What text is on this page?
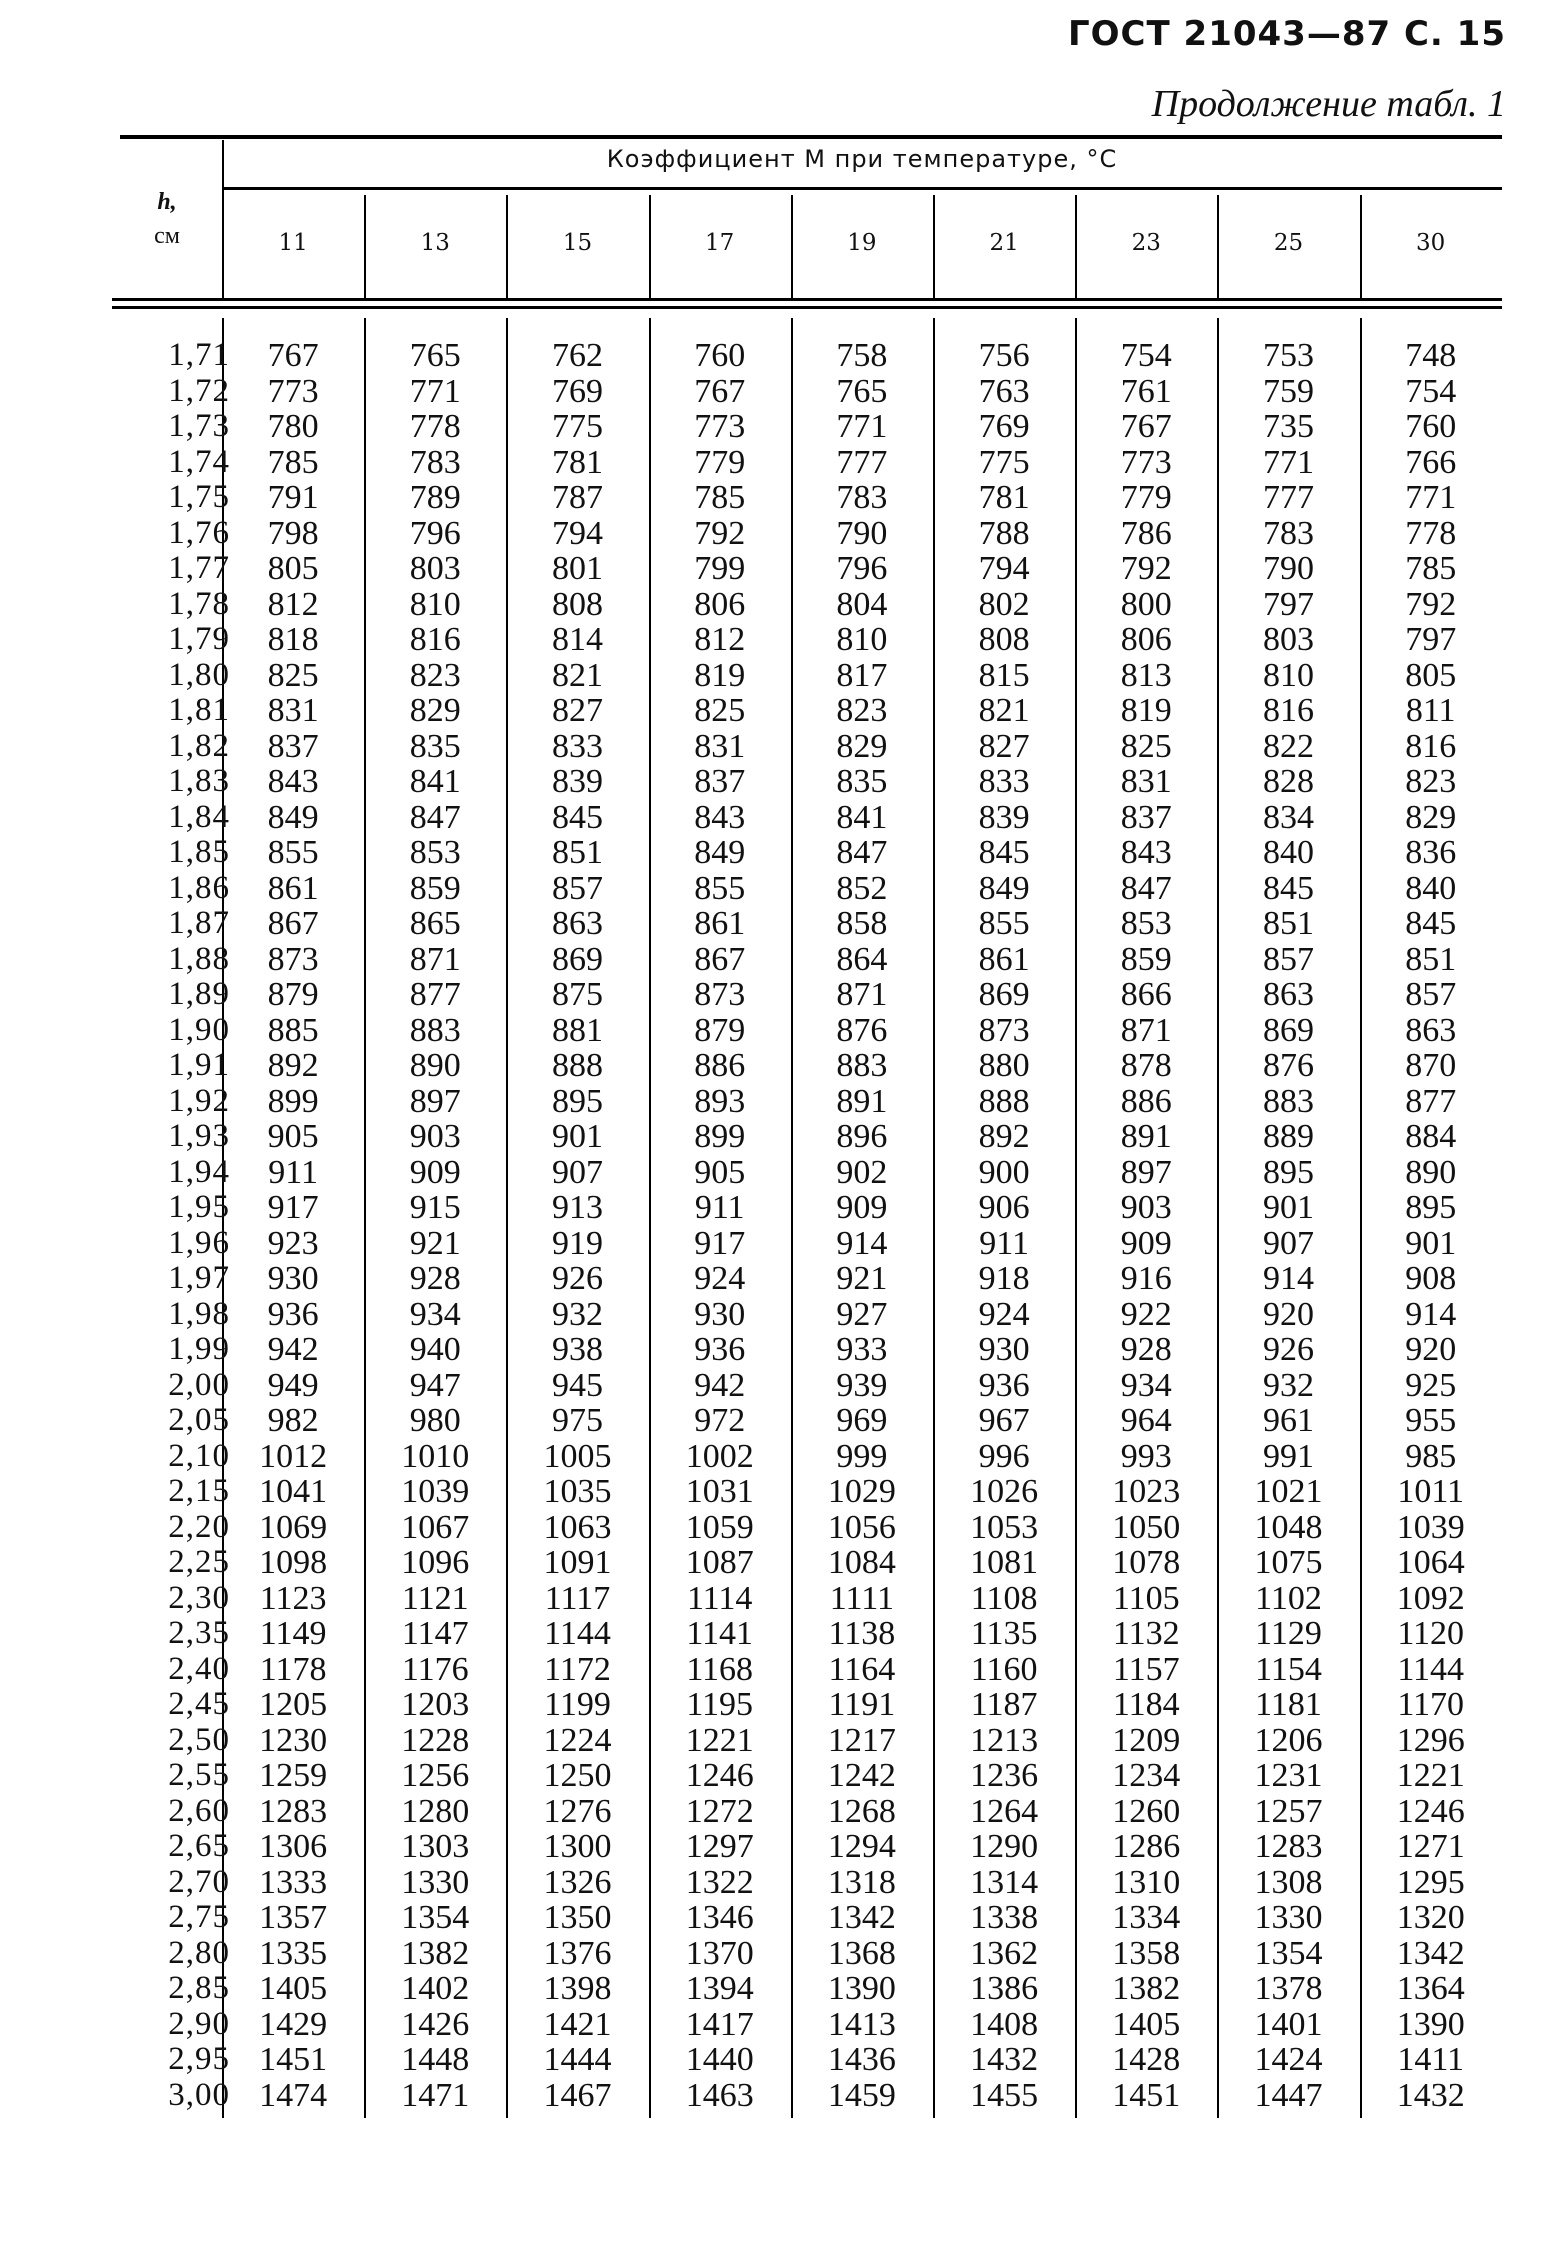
ГОСТ 21043—87 С. 15
Продолжение табл. 1
h,
см
Коэффициент M при температуре, °C
11	13	15	17	19	21	23	25	30
1,71	767	765	762	760	758	756	754	753	748
1,72	773	771	769	767	765	763	761	759	754
1,73	780	778	775	773	771	769	767	735	760
1,74	785	783	781	779	777	775	773	771	766
1,75	791	789	787	785	783	781	779	777	771
1,76	798	796	794	792	790	788	786	783	778
1,77	805	803	801	799	796	794	792	790	785
1,78	812	810	808	806	804	802	800	797	792
1,79	818	816	814	812	810	808	806	803	797
1,80	825	823	821	819	817	815	813	810	805
1,81	831	829	827	825	823	821	819	816	811
1,82	837	835	833	831	829	827	825	822	816
1,83	843	841	839	837	835	833	831	828	823
1,84	849	847	845	843	841	839	837	834	829
1,85	855	853	851	849	847	845	843	840	836
1,86	861	859	857	855	852	849	847	845	840
1,87	867	865	863	861	858	855	853	851	845
1,88	873	871	869	867	864	861	859	857	851
1,89	879	877	875	873	871	869	866	863	857
1,90	885	883	881	879	876	873	871	869	863
1,91	892	890	888	886	883	880	878	876	870
1,92	899	897	895	893	891	888	886	883	877
1,93	905	903	901	899	896	892	891	889	884
1,94	911	909	907	905	902	900	897	895	890
1,95	917	915	913	911	909	906	903	901	895
1,96	923	921	919	917	914	911	909	907	901
1,97	930	928	926	924	921	918	916	914	908
1,98	936	934	932	930	927	924	922	920	914
1,99	942	940	938	936	933	930	928	926	920
2,00	949	947	945	942	939	936	934	932	925
2,05	982	980	975	972	969	967	964	961	955
2,10 1012	1010	1005	1002	999	996	993	991	985
2,15 1041	1039	1035	1031	1029	1026	1023	1021	1011
2,20 1069	1067	1063	1059	1056	1053	1050	1048	1039
2,25 1098	1096	1091	1087	1084	1081	1078	1075	1064
2,30 1123	1121	1117	1114	1111	1108	1105	1102	1092
2,35 1149	1147	1144	1141	1138	1135	1132	1129	1120
2,40 1178	1176	1172	1168	1164	1160	1157	1154	1144
2,45 1205	1203	1199	1195	1191	1187	1184	1181	1170
2,50 1230	1228	1224	1221	1217	1213	1209	1206	1296
2,55 1259	1256	1250	1246	1242	1236	1234	1231	1221
2,60 1283	1280	1276	1272	1268	1264	1260	1257	1246
2,65 1306	1303	1300	1297	1294	1290	1286	1283	1271
2,70 1333	1330	1326	1322	1318	1314	1310	1308	1295
2,75 1357	1354	1350	1346	1342	1338	1334	1330	1320
2,80 1335	1382	1376	1370	1368	1362	1358	1354	1342
2,85 1405	1402	1398	1394	1390	1386	1382	1378	1364
2,90 1429	1426	1421	1417	1413	1408	1405	1401	1390
2,95 1451	1448	1444	1440	1436	1432	1428	1424	1411
3,00 1474	1471	1467	1463	1459	1455	1451	1447	1432
